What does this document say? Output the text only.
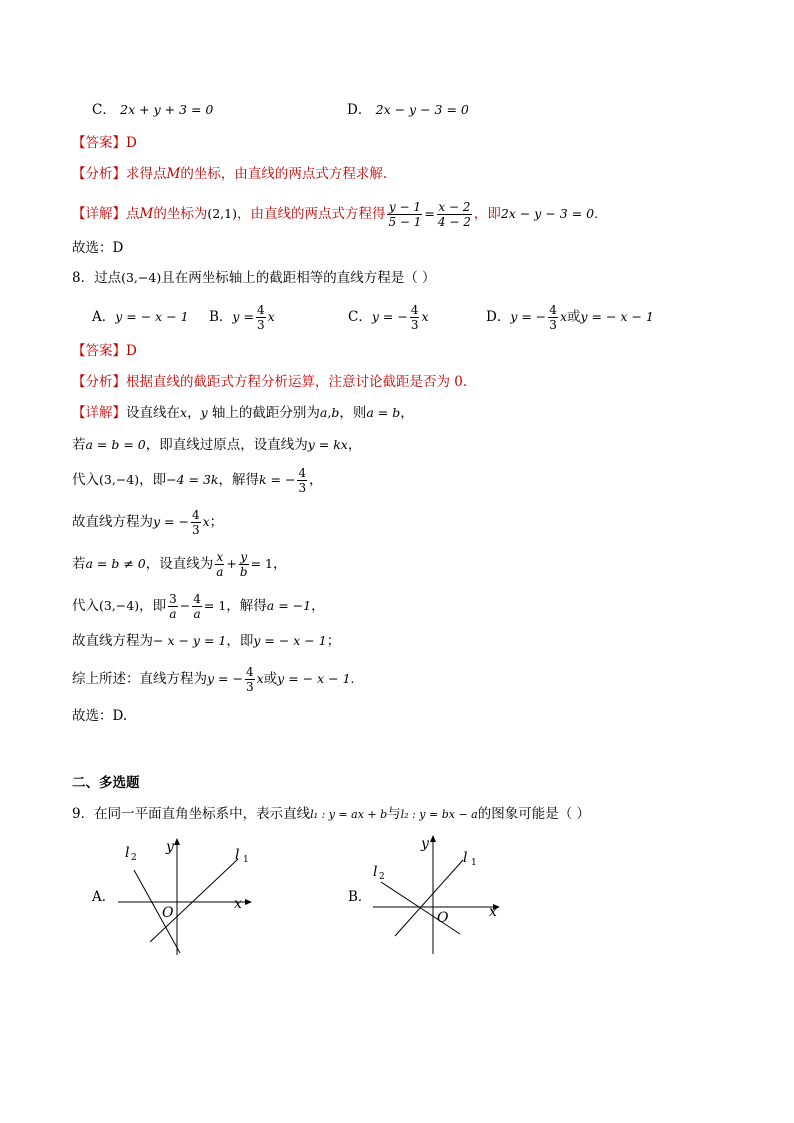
C． 2x + y + 3 = 0	D． 2x − y − 3 = 0
【答案】D
【分析】求得点M的坐标，由直线的两点式方程求解.
【详解】点M的坐标为(2,1)，由直线的两点式方程得 $\frac{y - 1}{5 - 1} = \frac{x - 2}{4 - 2}$ ，即2x − y − 3 = 0.
故选：D
8．过点(3,−4)且在两坐标轴上的截距相等的直线方程是（ ）
A．y = − x − 1 B．$y = \frac{4}{3}$ x	C．y = − $\frac{4}{3}$ x	D．y = − $\frac{4}{3}$ x或y = − x − 1
【答案】D
【分析】根据直线的截距式方程分析运算，注意讨论截距是否为 0.
【详解】设直线在x，y 轴上的截距分别为a,b，则a = b，
若a = b = 0，即直线过原点，设直线为y = kx，
代入(3,−4)，即−4 = 3k，解得k = − $\frac{4}{3}$ ，
故直线方程为y = − $\frac{4}{3}$ x；
若a = b ≠ 0，设直线为 $\frac{x}{a} + \frac{y}{b} = 1$，
代入(3,−4)，即 $\frac{3}{a} - \frac{4}{a} = 1$，解得a = −1，
故直线方程为− x − y = 1，即y = − x − 1；
综上所述：直线方程为y = − $\frac{4}{3}$ x或y = − x − 1.
故选：D.
二、多选题
9．在同一平面直角坐标系中，表示直线l₁ : y = ax + b与l₂ : y = bx − a的图象可能是（ ）
A．	x
y
O
l 1
l 2
B．
x
y
O
l 1
l 2
